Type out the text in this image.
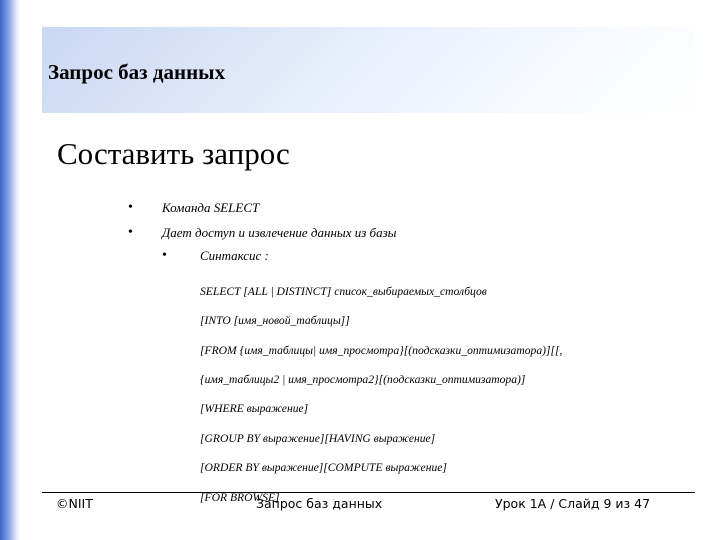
Запрос баз данных
Составить запрос
• Команда SELECT
• Дает доступ и извлечение данных из базы
•	Синтаксис :

SELECT [ALL | DISTINCT] список_выбираемых_столбцов

[INTO [имя_новой_таблицы]]

[FROM {имя_таблицы| имя_просмотра}[(подсказки_оптимизатора)][[,

{имя_таблицы2 | имя_просмотра2}[(подсказки_оптимизатора)]

[WHERE выражение]

[GROUP BY выражение][HAVING выражение]

[ORDER BY выражение][COMPUTE выражение]

[FOR BROWSE]

©NIIT	Запрос баз данных	Урок 1A / Слайд 9 из 47
